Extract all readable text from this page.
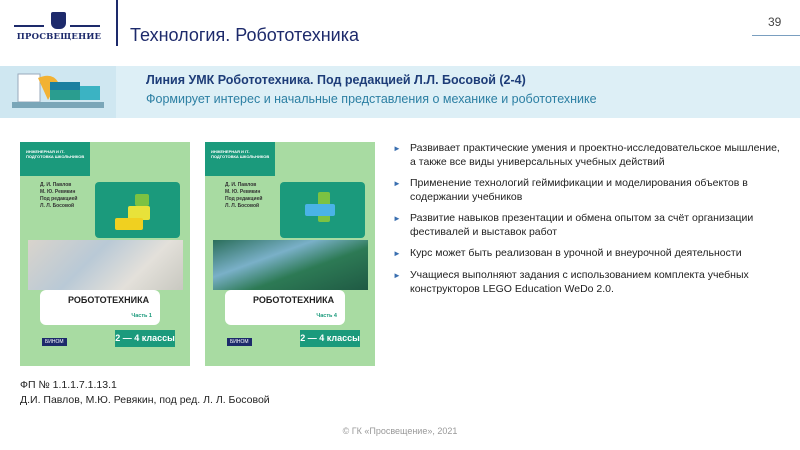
ПРОСВЕЩЕНИЕ Технология. Робототехника
39
Линия УМК Робототехника. Под редакцией Л.Л. Босовой (2-4)
Формирует интерес и начальные представления о механике и робототехнике
ИНЖЕНЕРНАЯ И IT-ПОДГОТОВКА ШКОЛЬНИКОВ
Д. И. Павлов
М. Ю. Ревякин
Под редакцией
Л. Л. Босовой
РОБОТОТЕХНИКА
Часть 1
2 — 4 классы
БИНОМ
ИНЖЕНЕРНАЯ И IT-ПОДГОТОВКА ШКОЛЬНИКОВ
Д. И. Павлов
М. Ю. Ревякин
Под редакцией
Л. Л. Босовой
РОБОТОТЕХНИКА
Часть 4
2 — 4 классы
БИНОМ
► Развивает практические умения и проектно-исследовательское мышление, а также все виды универсальных учебных действий
► Применение технологий геймификации и моделирования объектов в содержании учебников
► Развитие навыков презентации и обмена опытом за счёт организации фестивалей и выставок работ
► Курс может быть реализован в урочной и внеурочной деятельности
► Учащиеся выполняют задания с использованием комплекта учебных конструкторов LEGO Education WeDo 2.0.
ФП № 1.1.1.7.1.13.1
Д.И. Павлов, М.Ю. Ревякин, под ред. Л. Л. Босовой
© ГК «Просвещение», 2021
